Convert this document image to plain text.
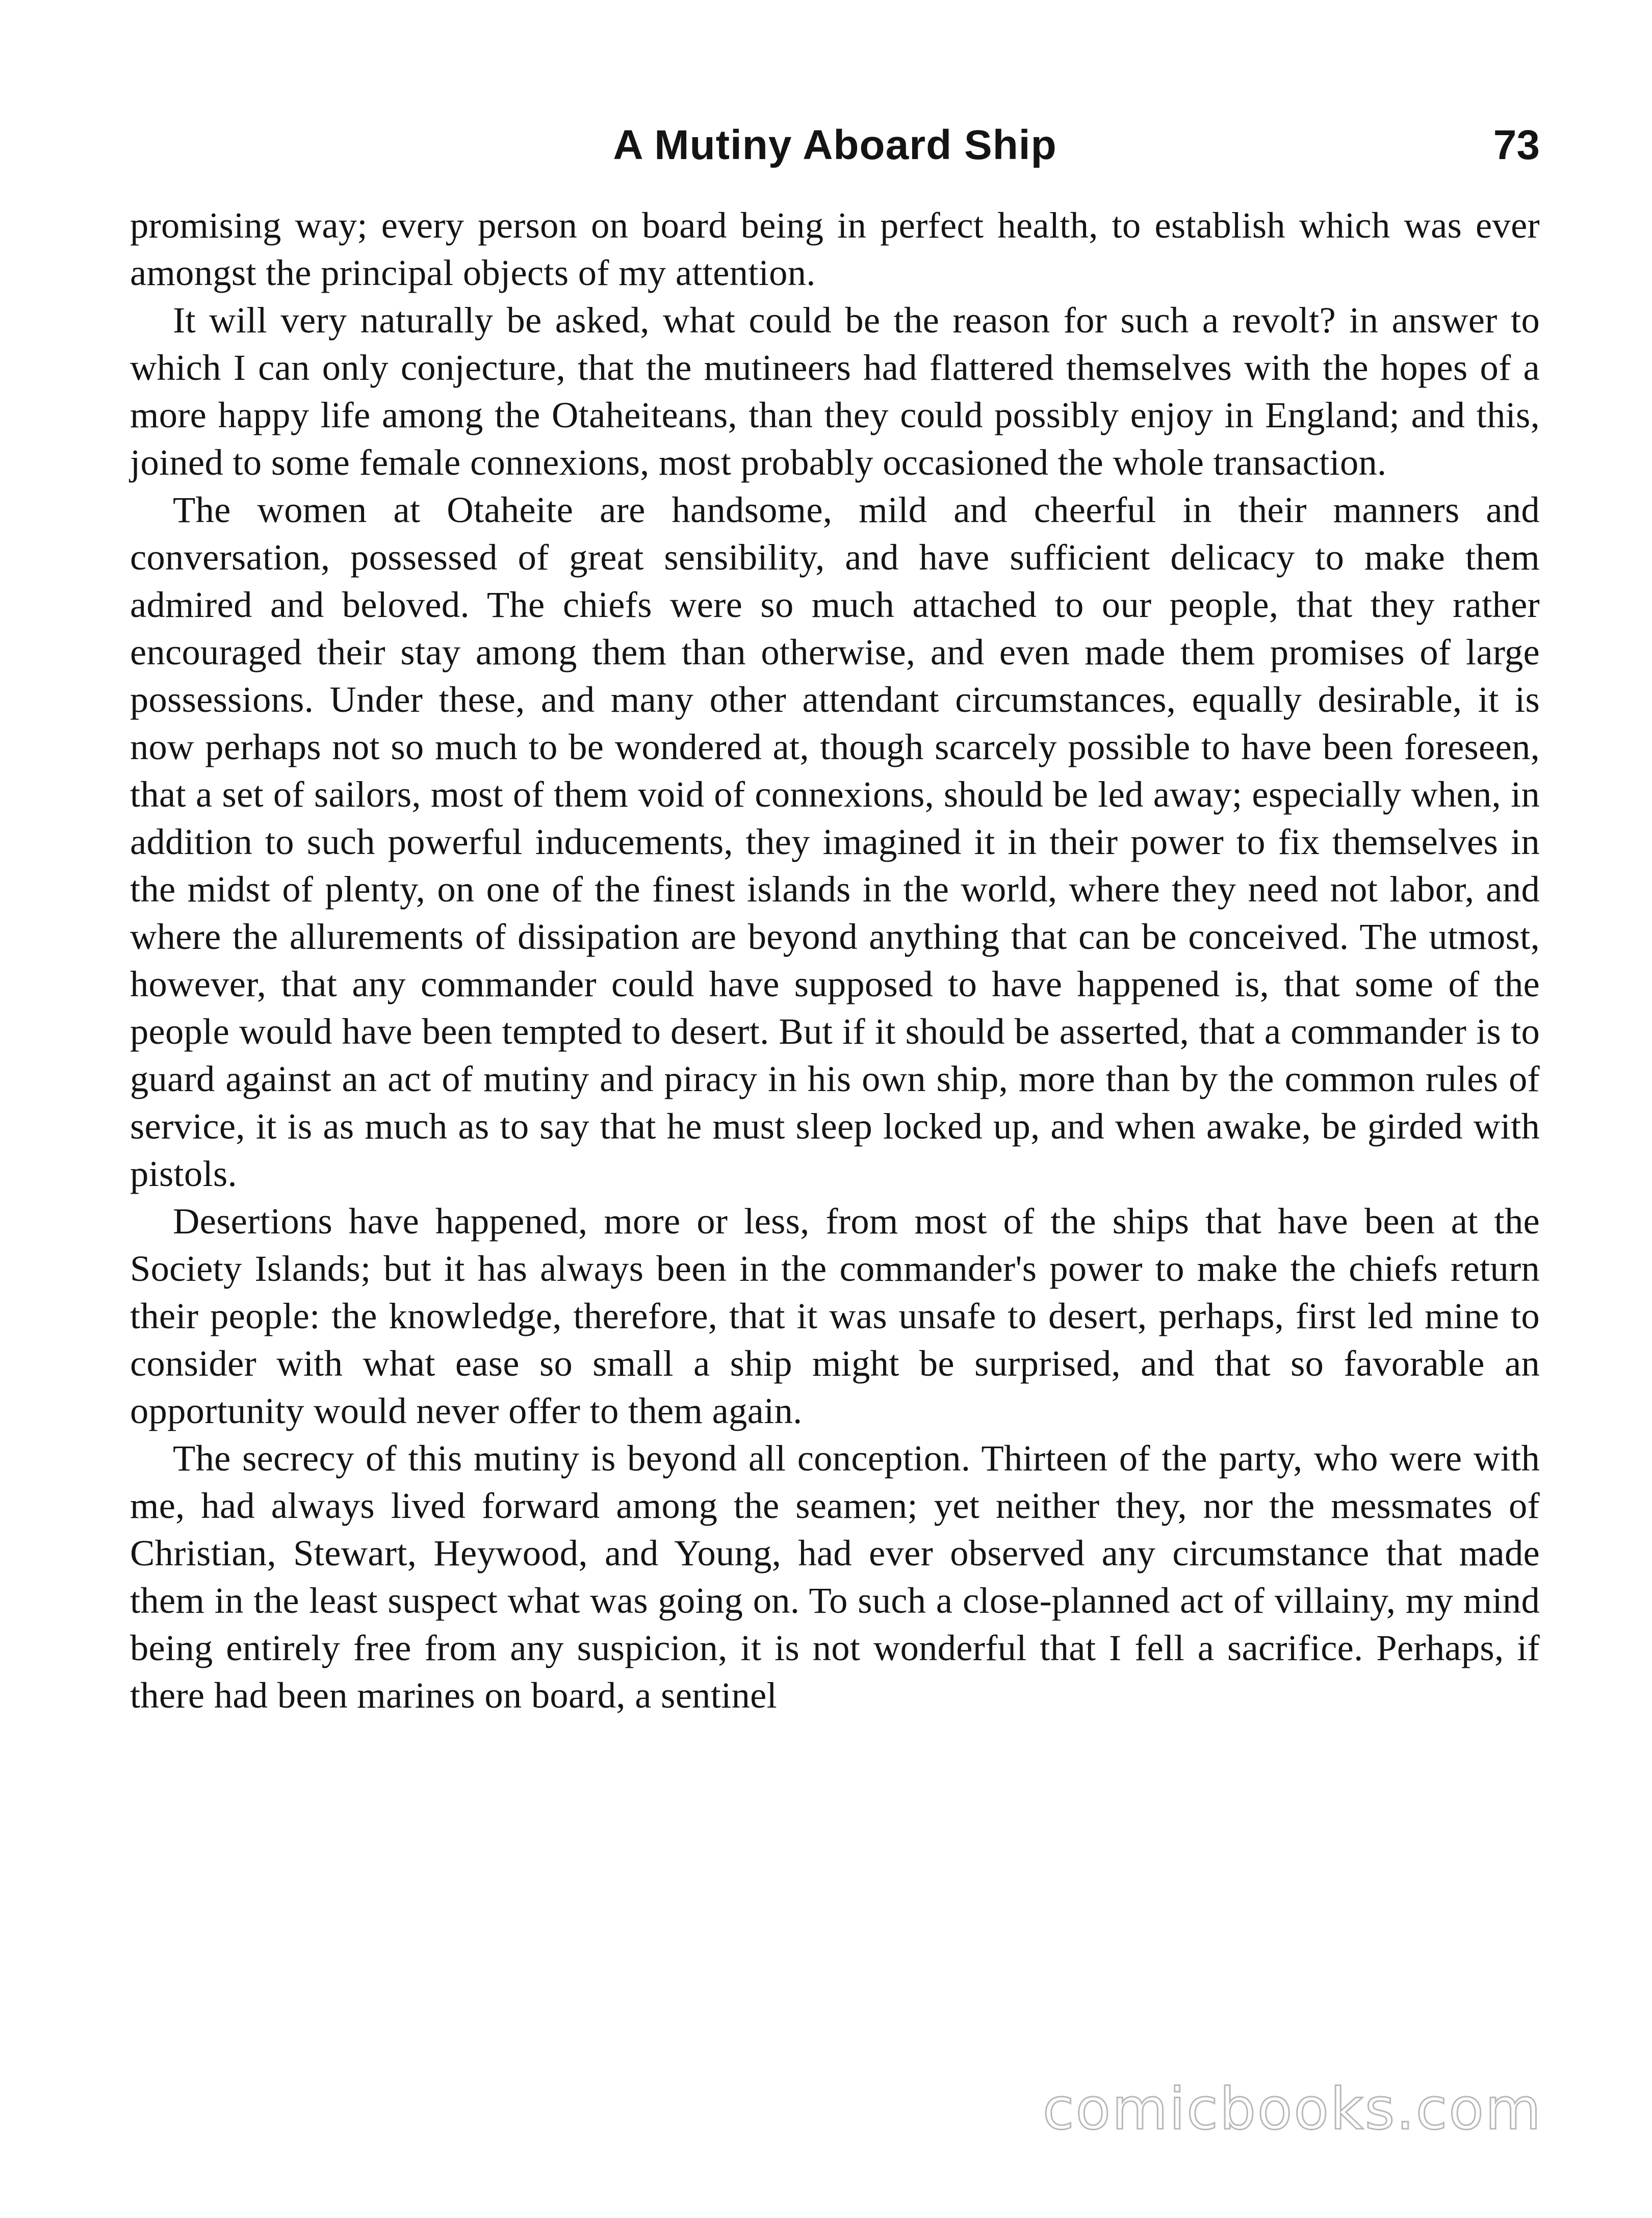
A Mutiny Aboard Ship	73

promising way; every person on board being in perfect health, to establish which was ever amongst the principal objects of my attention.

It will very naturally be asked, what could be the reason for such a revolt? in answer to which I can only conjecture, that the mutineers had flattered themselves with the hopes of a more happy life among the Otaheiteans, than they could possibly enjoy in England; and this, joined to some female connexions, most probably occasioned the whole transaction.

The women at Otaheite are handsome, mild and cheerful in their manners and conversation, possessed of great sensibility, and have sufficient delicacy to make them admired and beloved. The chiefs were so much attached to our people, that they rather encouraged their stay among them than otherwise, and even made them promises of large possessions. Under these, and many other attendant circumstances, equally desirable, it is now perhaps not so much to be wondered at, though scarcely possible to have been foreseen, that a set of sailors, most of them void of connexions, should be led away; especially when, in addition to such powerful inducements, they imagined it in their power to fix themselves in the midst of plenty, on one of the finest islands in the world, where they need not labor, and where the allurements of dissipation are beyond anything that can be conceived. The utmost, however, that any commander could have supposed to have happened is, that some of the people would have been tempted to desert. But if it should be asserted, that a commander is to guard against an act of mutiny and piracy in his own ship, more than by the common rules of service, it is as much as to say that he must sleep locked up, and when awake, be girded with pistols.

Desertions have happened, more or less, from most of the ships that have been at the Society Islands; but it has always been in the commander's power to make the chiefs return their people: the knowledge, therefore, that it was unsafe to desert, perhaps, first led mine to consider with what ease so small a ship might be surprised, and that so favorable an opportunity would never offer to them again.

The secrecy of this mutiny is beyond all conception. Thirteen of the party, who were with me, had always lived forward among the seamen; yet neither they, nor the messmates of Christian, Stewart, Heywood, and Young, had ever observed any circumstance that made them in the least suspect what was going on. To such a close-planned act of villainy, my mind being entirely free from any suspicion, it is not wonderful that I fell a sacrifice. Perhaps, if there had been marines on board, a sentinel

comicbooks.com
